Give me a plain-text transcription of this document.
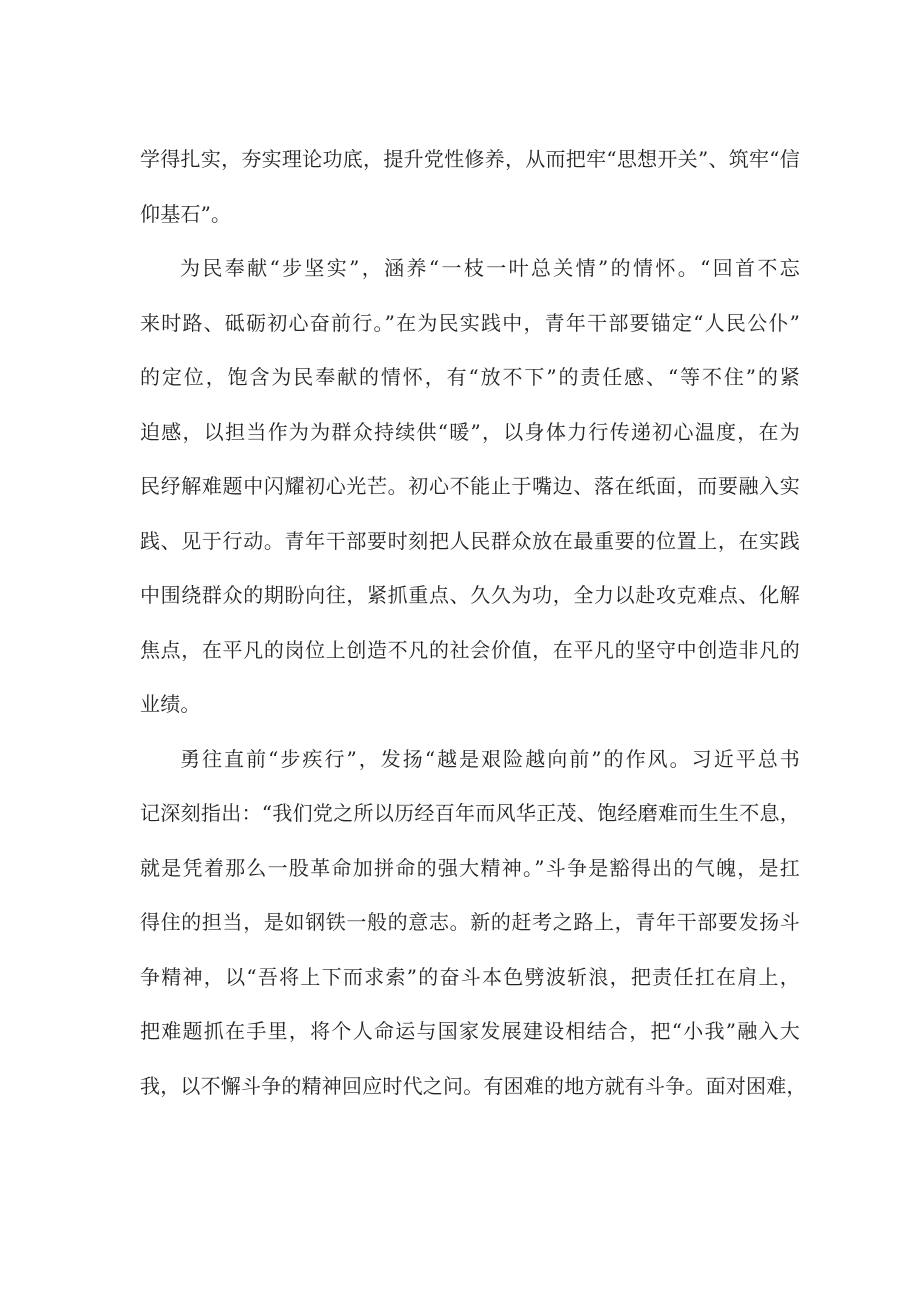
学得扎实，夯实理论功底，提升党性修养，从而把牢“思想开关”、筑牢“信
仰基石”。
为民奉献“步坚实”，涵养“一枝一叶总关情”的情怀。“回首不忘
来时路、砥砺初心奋前行。”在为民实践中，青年干部要锚定“人民公仆”
的定位，饱含为民奉献的情怀，有“放不下”的责任感、“等不住”的紧
迫感，以担当作为为群众持续供“暖”，以身体力行传递初心温度，在为
民纾解难题中闪耀初心光芒。初心不能止于嘴边、落在纸面，而要融入实
践、见于行动。青年干部要时刻把人民群众放在最重要的位置上，在实践
中围绕群众的期盼向往，紧抓重点、久久为功，全力以赴攻克难点、化解
焦点，在平凡的岗位上创造不凡的社会价值，在平凡的坚守中创造非凡的
业绩。
勇往直前“步疾行”，发扬“越是艰险越向前”的作风。习近平总书
记深刻指出：“我们党之所以历经百年而风华正茂、饱经磨难而生生不息，
就是凭着那么一股革命加拼命的强大精神。”斗争是豁得出的气魄，是扛
得住的担当，是如钢铁一般的意志。新的赶考之路上，青年干部要发扬斗
争精神，以“吾将上下而求索”的奋斗本色劈波斩浪，把责任扛在肩上，
把难题抓在手里，将个人命运与国家发展建设相结合，把“小我”融入大
我，以不懈斗争的精神回应时代之问。有困难的地方就有斗争。面对困难，
